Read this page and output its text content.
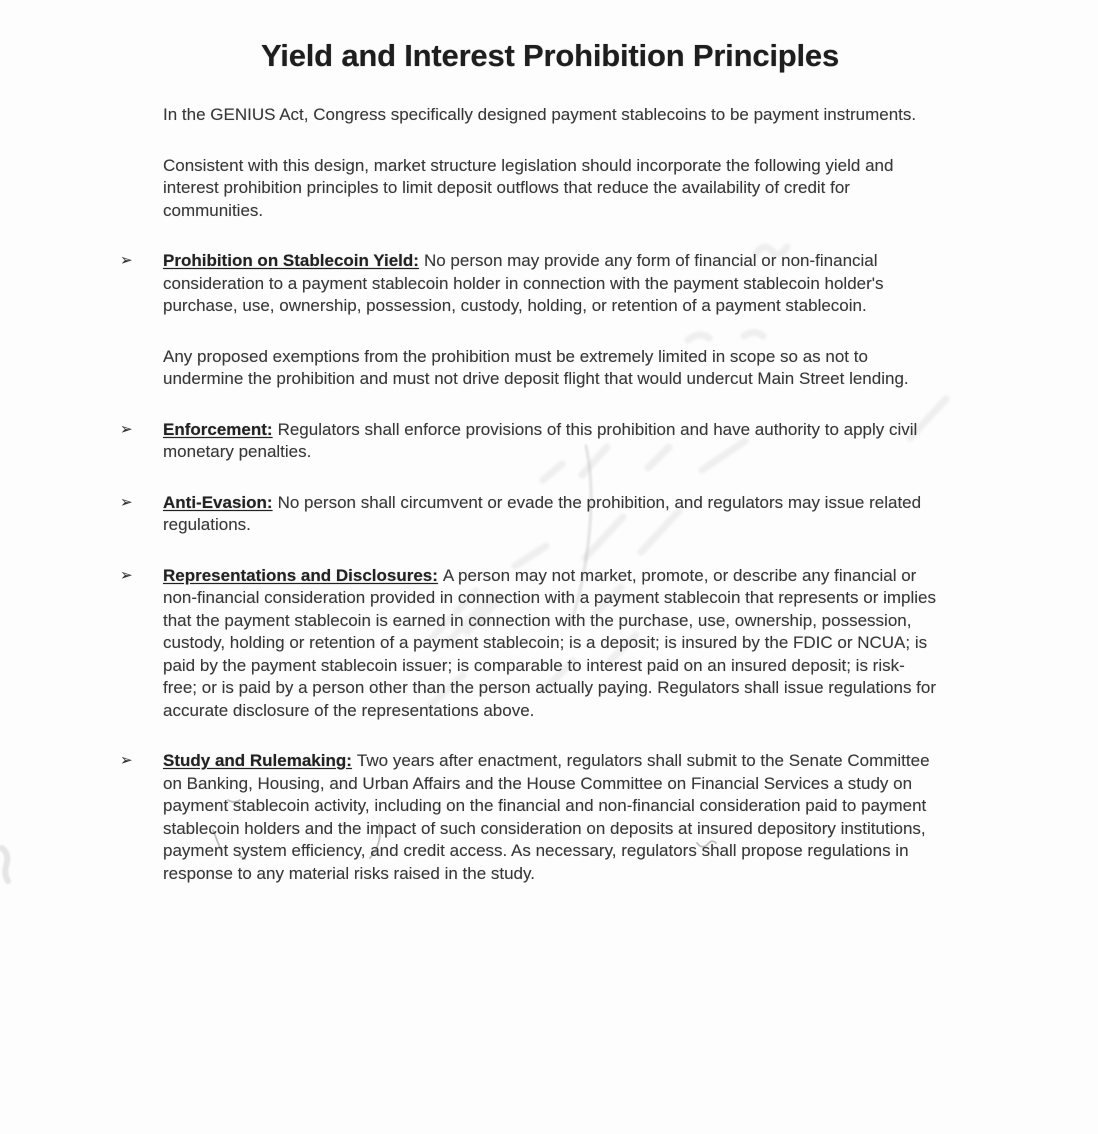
Yield and Interest Prohibition Principles

In the GENIUS Act, Congress specifically designed payment stablecoins to be payment instruments.

Consistent with this design, market structure legislation should incorporate the following yield and interest prohibition principles to limit deposit outflows that reduce the availability of credit for communities.

➢	Prohibition on Stablecoin Yield: No person may provide any form of financial or non-financial consideration to a payment stablecoin holder in connection with the payment stablecoin holder's purchase, use, ownership, possession, custody, holding, or retention of a payment stablecoin.

Any proposed exemptions from the prohibition must be extremely limited in scope so as not to undermine the prohibition and must not drive deposit flight that would undercut Main Street lending.

➢	Enforcement: Regulators shall enforce provisions of this prohibition and have authority to apply civil monetary penalties.

➢	Anti-Evasion: No person shall circumvent or evade the prohibition, and regulators may issue related regulations.

➢	Representations and Disclosures: A person may not market, promote, or describe any financial or non-financial consideration provided in connection with a payment stablecoin that represents or implies that the payment stablecoin is earned in connection with the purchase, use, ownership, possession, custody, holding or retention of a payment stablecoin; is a deposit; is insured by the FDIC or NCUA; is paid by the payment stablecoin issuer; is comparable to interest paid on an insured deposit; is risk-free; or is paid by a person other than the person actually paying. Regulators shall issue regulations for accurate disclosure of the representations above.

➢	Study and Rulemaking: Two years after enactment, regulators shall submit to the Senate Committee on Banking, Housing, and Urban Affairs and the House Committee on Financial Services a study on payment stablecoin activity, including on the financial and non-financial consideration paid to payment stablecoin holders and the impact of such consideration on deposits at insured depository institutions, payment system efficiency, and credit access. As necessary, regulators shall propose regulations in response to any material risks raised in the study.
